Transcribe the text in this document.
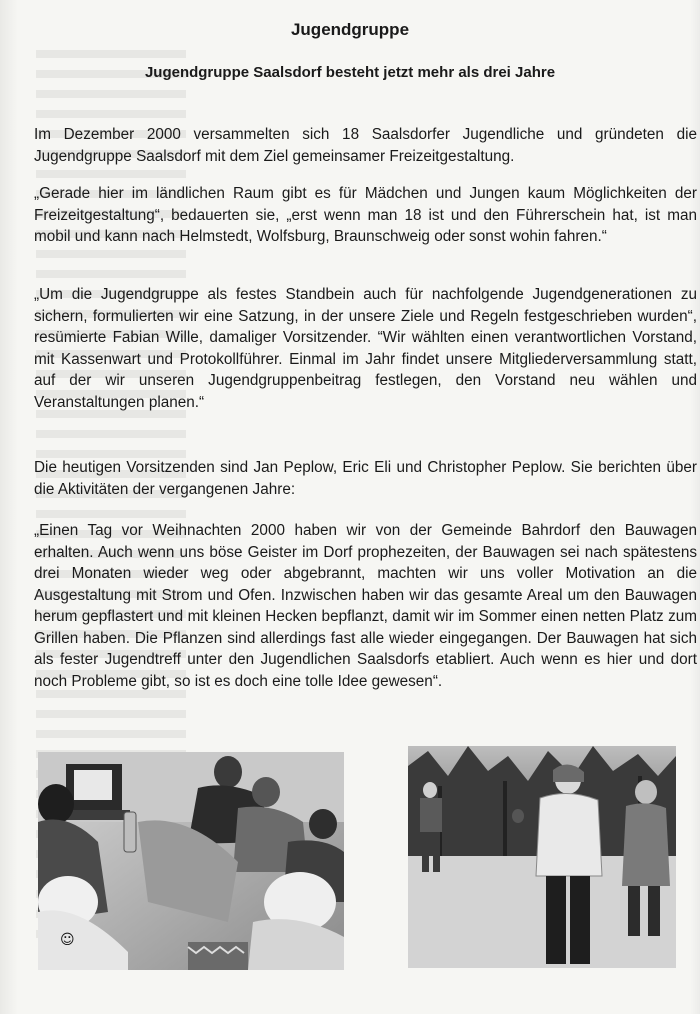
Jugendgruppe
Jugendgruppe Saalsdorf besteht jetzt mehr als drei Jahre

Im Dezember 2000 versammelten sich 18 Saalsdorfer Jugendliche und gründeten die Jugendgruppe Saalsdorf mit dem Ziel gemeinsamer Freizeitgestaltung.

„Gerade hier im ländlichen Raum gibt es für Mädchen und Jungen kaum Möglichkeiten der Freizeitgestaltung“, bedauerten sie, „erst wenn man 18 ist und den Führerschein hat, ist man mobil und kann nach Helmstedt, Wolfsburg, Braunschweig oder sonst wohin fahren.“

„Um die Jugendgruppe als festes Standbein auch für nachfolgende Jugendgenerationen zu sichern, formulierten wir eine Satzung, in der unsere Ziele und Regeln festgeschrieben wurden“, resümierte Fabian Wille, damaliger Vorsitzender. “Wir wählten einen verantwortlichen Vorstand, mit Kassenwart und Protokollführer. Einmal im Jahr findet unsere Mitgliederversammlung statt, auf der wir unseren Jugendgruppenbeitrag festlegen, den Vorstand neu wählen und Veranstaltungen planen.“

Die heutigen Vorsitzenden sind Jan Peplow, Eric Eli und Christopher Peplow. Sie berichten über die Aktivitäten der vergangenen Jahre:

„Einen Tag vor Weihnachten 2000 haben wir von der Gemeinde Bahrdorf den Bauwagen erhalten. Auch wenn uns böse Geister im Dorf prophezeiten, der Bauwagen sei nach spätestens drei Monaten wieder weg oder abgebrannt, machten wir uns voller Motivation an die Ausgestaltung mit Strom und Ofen. Inzwischen haben wir das gesamte Areal um den Bauwagen herum gepflastert und mit kleinen Hecken bepflanzt, damit wir im Sommer einen netten Platz zum Grillen haben. Die Pflanzen sind allerdings fast alle wieder eingegangen. Der Bauwagen hat sich als fester Jugendtreff unter den Jugendlichen Saalsdorfs etabliert. Auch wenn es hier und dort noch Probleme gibt, so ist es doch eine tolle Idee gewesen“.

☺
